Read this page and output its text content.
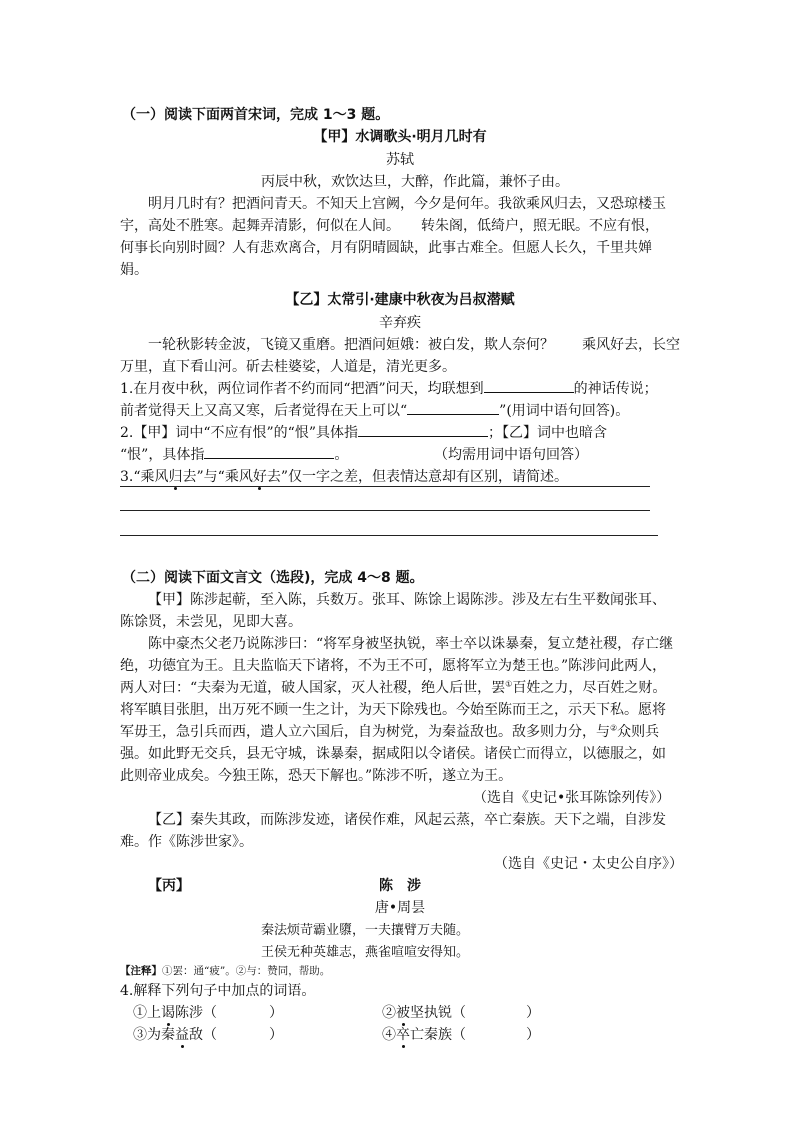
（一）阅读下面两首宋词，完成 1～3 题。
【甲】水调歌头·明月几时有
苏轼
丙辰中秋，欢饮达旦，大醉，作此篇，兼怀子由。
明月几时有？把酒问青天。不知天上宫阙，今夕是何年。我欲乘风归去，又恐琼楼玉
宇，高处不胜寒。起舞弄清影，何似在人间。　　转朱阁，低绮户，照无眠。不应有恨，
何事长向别时圆？人有悲欢离合，月有阴晴圆缺，此事古难全。但愿人长久，千里共婵
娟。
【乙】太常引·建康中秋夜为吕叔潜赋
辛弃疾
一轮秋影转金波，飞镜又重磨。把酒问姮娥：被白发，欺人奈何？　　乘风好去，长空
万里，直下看山河。斫去桂婆娑，人道是，清光更多。
1.在月夜中秋，两位词作者不约而同“把酒”问天，均联想到	的神话传说；
前者觉得天上又高又寒，后者觉得在天上可以“	”(用词中语句回答)。
2.【甲】词中“不应有恨”的“恨”具体指	；【乙】词中也暗含
“恨”，具体指	。	（均需用词中语句回答）
3.“乘风归去”与“乘风好去”仅一字之差，但表情达意却有区别，请简述。
（二）阅读下面文言文（选段)，完成 4～8 题。
【甲】陈涉起蕲，至入陈，兵数万。张耳、陈馀上谒陈涉。涉及左右生平数闻张耳、
陈馀贤，未尝见，见即大喜。
陈中豪杰父老乃说陈涉曰：“将军身被坚执锐，率士卒以诛暴秦，复立楚社稷，存亡继
绝，功德宜为王。且夫监临天下诸将，不为王不可，愿将军立为楚王也。”陈涉问此两人，
两人对曰：“夫秦为无道，破人国家，灭人社稷，绝人后世，罢①百姓之力，尽百姓之财。
将军瞋目张胆，出万死不顾一生之计，为天下除残也。今始至陈而王之，示天下私。愿将
军毋王，急引兵而西，遣人立六国后，自为树党，为秦益敌也。敌多则力分，与②众则兵
强。如此野无交兵，县无守城，诛暴秦，据咸阳以令诸侯。诸侯亡而得立，以德服之，如
此则帝业成矣。今独王陈，恐天下解也。”陈涉不听，遂立为王。
（选自《史记•张耳陈馀列传》）
【乙】秦失其政，而陈涉发迹，诸侯作难，风起云蒸，卒亡秦族。天下之端，自涉发
难。作《陈涉世家》。
（选自《史记・太史公自序》）
【丙】	陈　涉
唐•周昙
秦法烦苛霸业隳，一夫攘臂万夫随。
王侯无种英雄志，燕雀喧喧安得知。
【注释】①罢：通“疲”。②与：赞同，帮助。
4.解释下列句子中加点的词语。
①上谒陈涉（	）	②被坚执锐（	）
③为秦益敌（	）	④卒亡秦族（	）
